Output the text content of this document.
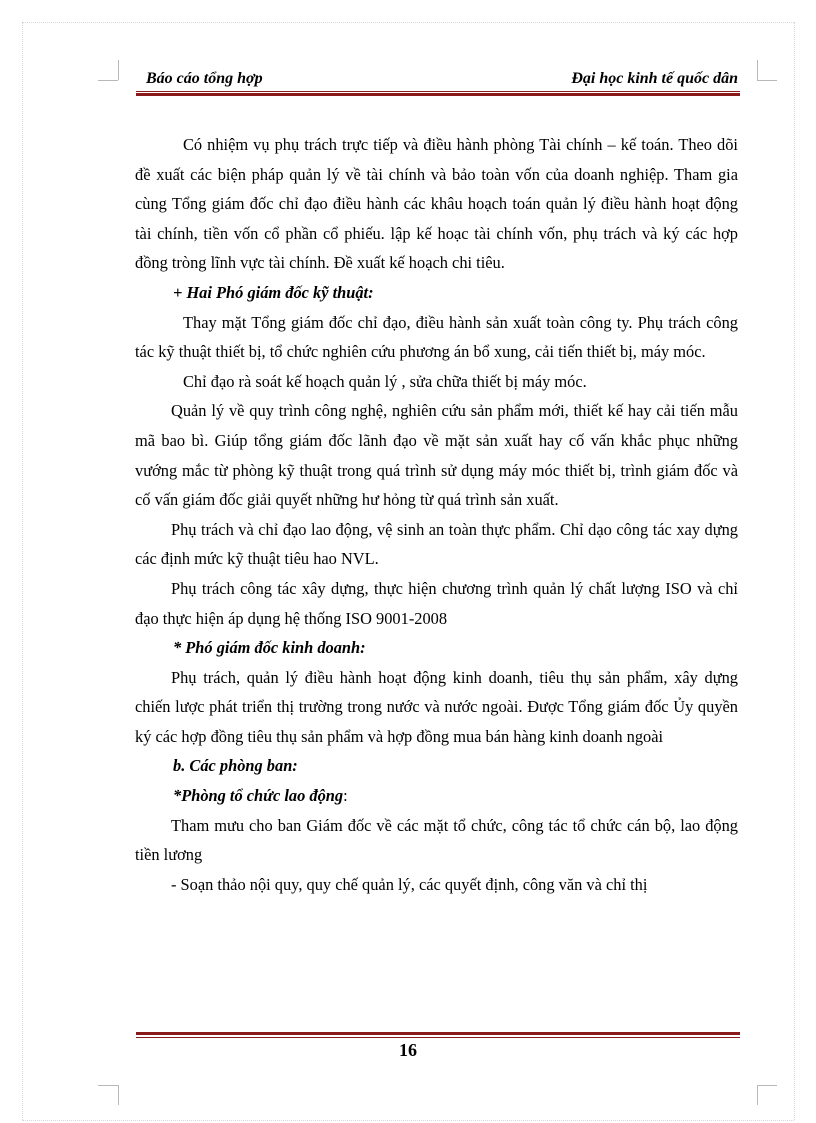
Báo cáo tổng hợp	Đại học kinh tế quốc dân

Có nhiệm vụ phụ trách trực tiếp và điều hành phòng Tài chính – kế toán. Theo dõi đề xuất các biện pháp quản lý về tài chính và bảo toàn vốn của doanh nghiệp. Tham gia cùng Tổng giám đốc chỉ đạo điều hành các khâu hoạch toán quản lý điều hành hoạt động tài chính, tiền vốn cổ phần cổ phiếu. lập kế hoạc tài chính vốn, phụ trách và ký các hợp đồng tròng lĩnh vực tài chính. Đề xuất kế hoạch chi tiêu.

+ Hai Phó giám đốc kỹ thuật:

Thay mặt Tổng giám đốc chỉ đạo, điều hành sản xuất toàn công ty. Phụ trách công tác kỹ thuật thiết bị, tổ chức nghiên cứu phương án bổ xung, cải tiến thiết bị, máy móc.

Chỉ đạo rà soát kế hoạch quản lý , sửa chữa thiết bị máy móc.

Quản lý về quy trình công nghệ, nghiên cứu sản phẩm mới, thiết kế hay cải tiến mẫu mã bao bì. Giúp tổng giám đốc lãnh đạo về mặt sản xuất hay cố vấn khắc phục những vướng mắc từ phòng kỹ thuật trong quá trình sử dụng máy móc thiết bị, trình giám đốc và cố vấn giám đốc giải quyết những hư hỏng từ quá trình sản xuất.

Phụ trách và chỉ đạo lao động, vệ sinh an toàn thực phẩm. Chỉ dạo công tác xay dựng các định mức kỹ thuật tiêu hao NVL.

Phụ trách công tác xây dựng, thực hiện chương trình quản lý chất lượng ISO và chỉ đạo thực hiện áp dụng hệ thống ISO 9001-2008

* Phó giám đốc kinh doanh:

Phụ trách, quản lý điều hành hoạt động kinh doanh, tiêu thụ sản phẩm, xây dựng chiến lược phát triển thị trường trong nước và nước ngoài. Được Tổng giám đốc Ủy quyền ký các hợp đồng tiêu thụ sản phẩm và hợp đồng mua bán hàng kinh doanh ngoài

b. Các phòng ban:

*Phòng tổ chức lao động:

Tham mưu cho ban Giám đốc về các mặt tổ chức, công tác tổ chức cán bộ, lao động tiền lương

- Soạn thảo nội quy, quy chế quản lý, các quyết định, công văn và chỉ thị

16
